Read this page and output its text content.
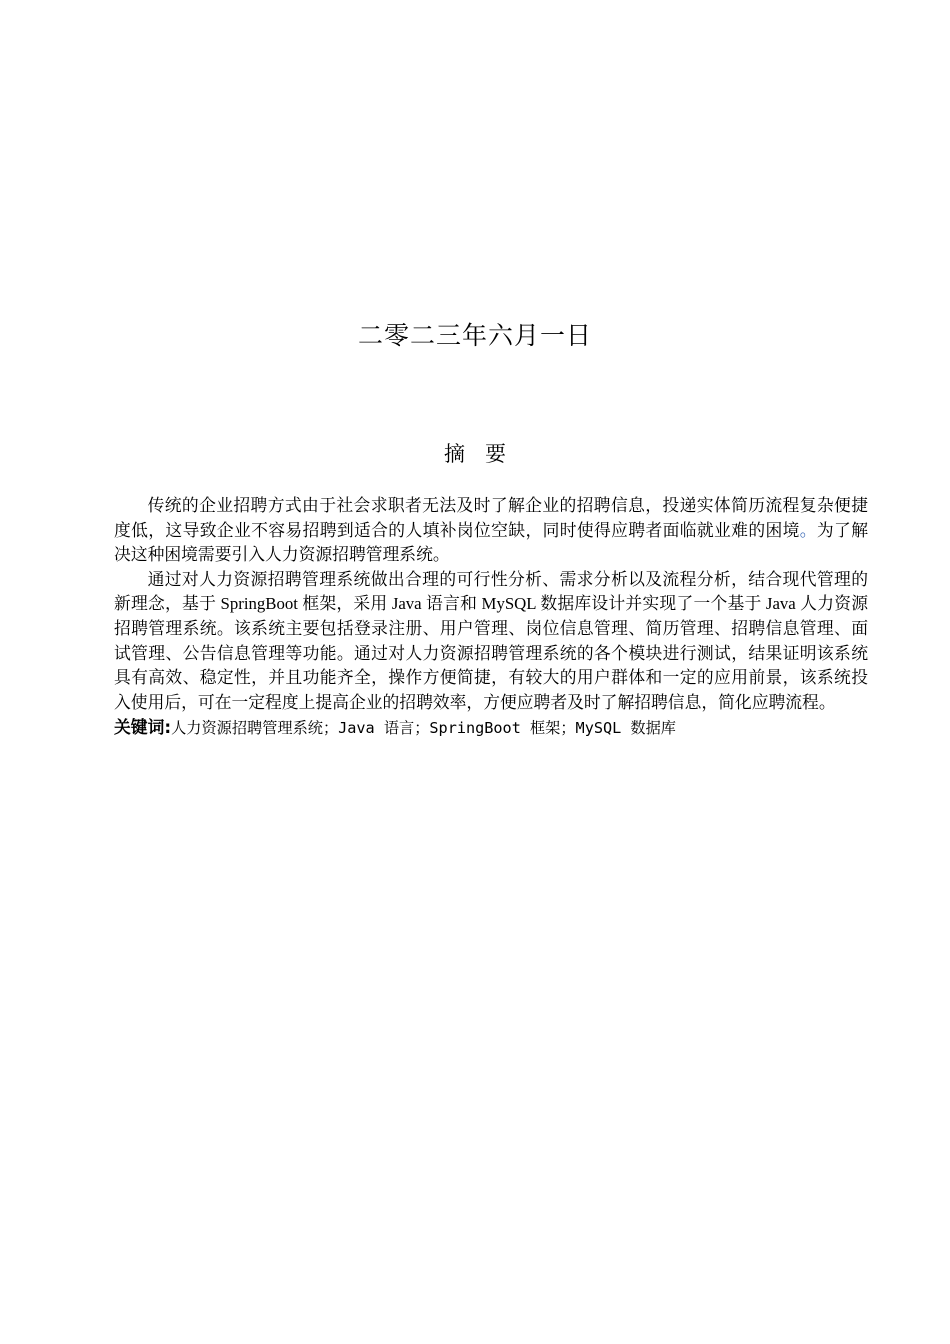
二零二三年六月一日
摘要

传统的企业招聘方式由于社会求职者无法及时了解企业的招聘信息，投递实体简历流程复杂便捷度低，这导致企业不容易招聘到适合的人填补岗位空缺，同时使得应聘者面临就业难的困境。为了解决这种困境需要引入人力资源招聘管理系统。

通过对人力资源招聘管理系统做出合理的可行性分析、需求分析以及流程分析，结合现代管理的新理念，基于 SpringBoot 框架，采用 Java 语言和 MySQL 数据库设计并实现了一个基于 Java 人力资源招聘管理系统。该系统主要包括登录注册、用户管理、岗位信息管理、简历管理、招聘信息管理、面试管理、公告信息管理等功能。通过对人力资源招聘管理系统的各个模块进行测试，结果证明该系统具有高效、稳定性，并且功能齐全，操作方便简捷，有较大的用户群体和一定的应用前景，该系统投入使用后，可在一定程度上提高企业的招聘效率，方便应聘者及时了解招聘信息，简化应聘流程。

关键词:人力资源招聘管理系统；Java 语言；SpringBoot 框架；MySQL 数据库
